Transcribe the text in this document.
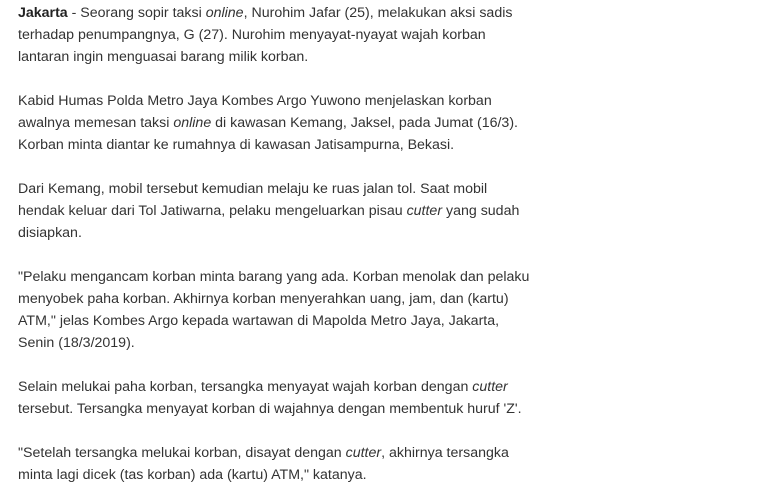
Jakarta - Seorang sopir taksi online, Nurohim Jafar (25), melakukan aksi sadis
terhadap penumpangnya, G (27). Nurohim menyayat-nyayat wajah korban
lantaran ingin menguasai barang milik korban.

Kabid Humas Polda Metro Jaya Kombes Argo Yuwono menjelaskan korban
awalnya memesan taksi online di kawasan Kemang, Jaksel, pada Jumat (16/3).
Korban minta diantar ke rumahnya di kawasan Jatisampurna, Bekasi.

Dari Kemang, mobil tersebut kemudian melaju ke ruas jalan tol. Saat mobil
hendak keluar dari Tol Jatiwarna, pelaku mengeluarkan pisau cutter yang sudah
disiapkan.

"Pelaku mengancam korban minta barang yang ada. Korban menolak dan pelaku
menyobek paha korban. Akhirnya korban menyerahkan uang, jam, dan (kartu)
ATM," jelas Kombes Argo kepada wartawan di Mapolda Metro Jaya, Jakarta,
Senin (18/3/2019).

Selain melukai paha korban, tersangka menyayat wajah korban dengan cutter
tersebut. Tersangka menyayat korban di wajahnya dengan membentuk huruf 'Z'.

"Setelah tersangka melukai korban, disayat dengan cutter, akhirnya tersangka
minta lagi dicek (tas korban) ada (kartu) ATM," katanya.
